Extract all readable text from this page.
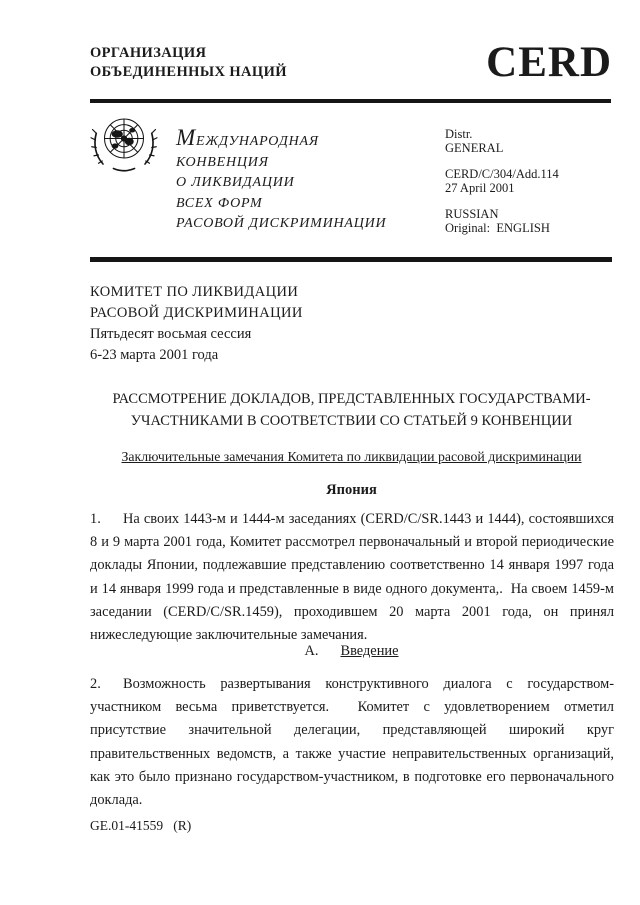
ОРГАНИЗАЦИЯ
ОБЪЕДИНЕННЫХ НАЦИЙ	CERD
МЕЖДУНАРОДНАЯ
КОНВЕНЦИЯ
О ЛИКВИДАЦИИ
ВСЕХ ФОРМ
РАСОВОЙ ДИСКРИМИНАЦИИ
Distr.
GENERAL
CERD/C/304/Add.114
27 April 2001
RUSSIAN
Original:  ENGLISH
КОМИТЕТ ПО ЛИКВИДАЦИИ
РАСОВОЙ ДИСКРИМИНАЦИИ
Пятьдесят восьмая сессия
6-23 марта 2001 года
РАССМОТРЕНИЕ ДОКЛАДОВ, ПРЕДСТАВЛЕННЫХ ГОСУДАРСТВАМИ-
УЧАСТНИКАМИ В СООТВЕТСТВИИ СО СТАТЬЕЙ 9 КОНВЕНЦИИ
Заключительные замечания Комитета по ликвидации расовой дискриминации
Япония
1. На своих 1443-м и 1444-м заседаниях (CERD/C/SR.1443 и 1444), состоявшихся 8 и 9 марта 2001 года, Комитет рассмотрел первоначальный и второй периодические доклады Японии, подлежавшие представлению соответственно 14 января 1997 года и 14 января 1999 года и представленные в виде одного документа,.  На своем 1459-м заседании (CERD/C/SR.1459), проходившем 20 марта 2001 года, он принял нижеследующие заключительные замечания.
A. Введение
2. Возможность развертывания конструктивного диалога с государством-участником весьма приветствуется.  Комитет с удовлетворением отметил присутствие значительной делегации, представляющей широкий круг правительственных ведомств, а также участие неправительственных организаций, как это было признано государством-участником, в подготовке его первоначального доклада.
GE.01-41559   (R)
